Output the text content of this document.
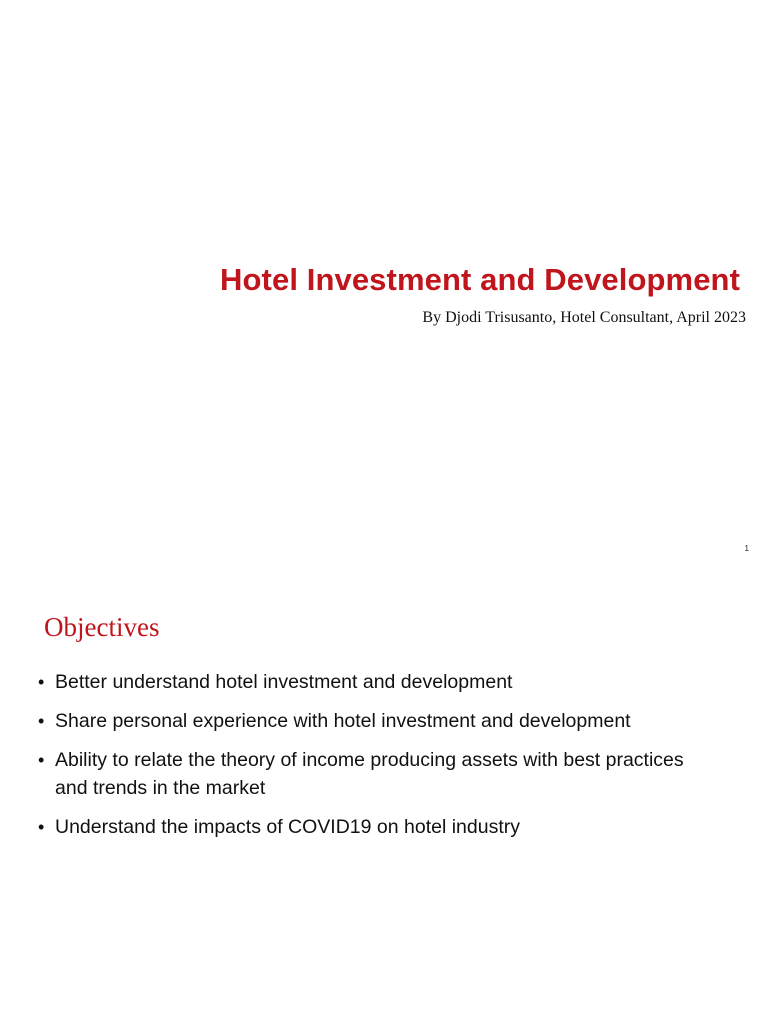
Hotel Investment and Development

By Djodi Trisusanto, Hotel Consultant, April 2023

1
Objectives
• Better understand hotel investment and development
• Share personal experience with hotel investment and development
• Ability to relate the theory of income producing assets with best practices and trends in the market
• Understand the impacts of COVID19 on hotel industry
